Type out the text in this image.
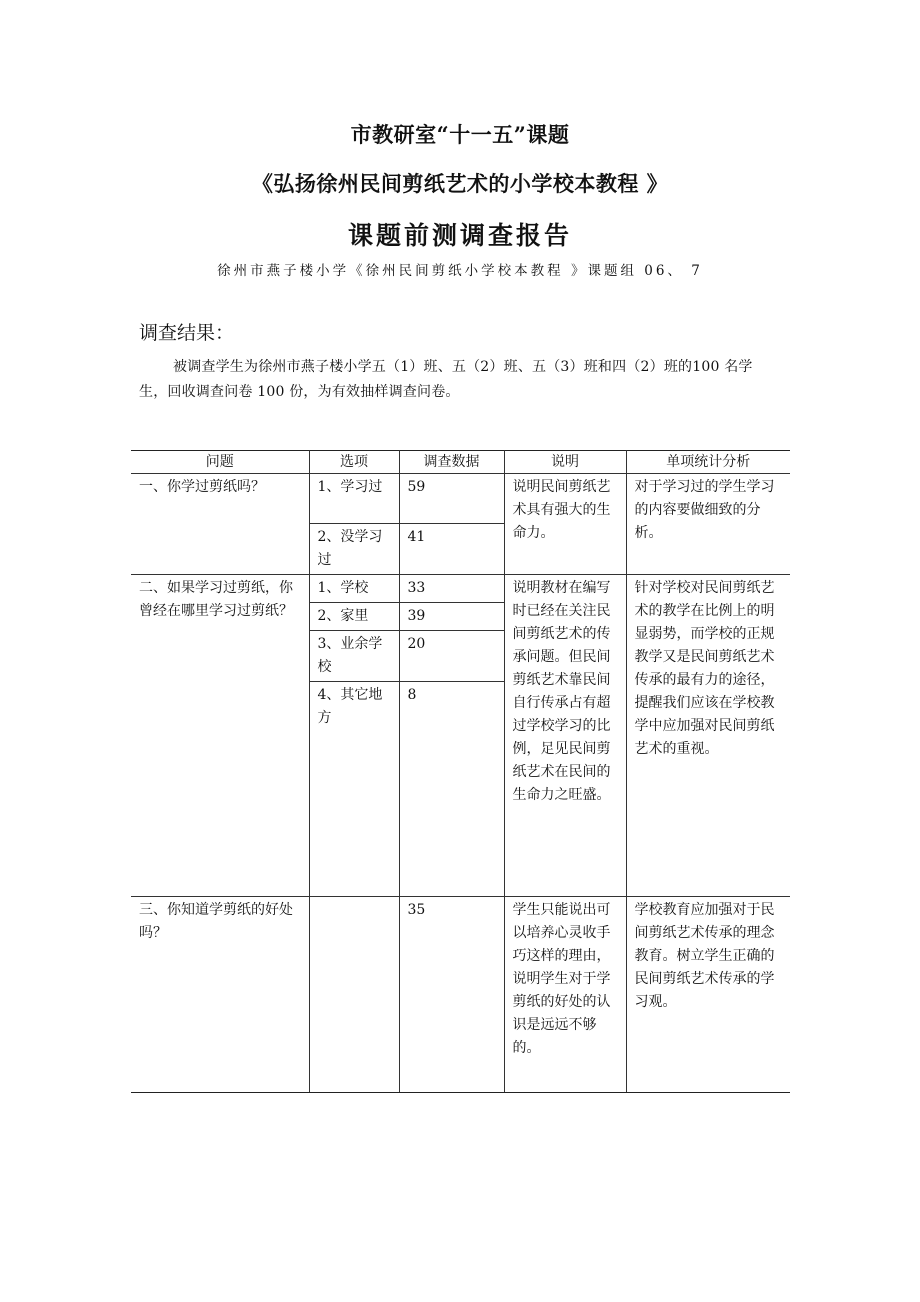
市教研室“十一五”课题
《弘扬徐州民间剪纸艺术的小学校本教程 》
课题前测调查报告
徐州市燕子楼小学《徐州民间剪纸小学校本教程 》课题组 06、 7
调查结果：
被调查学生为徐州市燕子楼小学五（1）班、五（2）班、五（3）班和四（2）班的100 名学生，回收调查问卷 100 份，为有效抽样调查问卷。
问题	选项	调查数据	说明	单项统计分析
一、你学过剪纸吗？	1、学习过	59	说明民间剪纸艺术具有强大的生命力。	对于学习过的学生学习的内容要做细致的分析。
	2、没学习过	41		
二、如果学习过剪纸，你曾经在哪里学习过剪纸？	1、学校	33	说明教材在编写时已经在关注民间剪纸艺术的传承问题。但民间剪纸艺术靠民间自行传承占有超过学校学习的比例，足见民间剪纸艺术在民间的生命力之旺盛。	针对学校对民间剪纸艺术的教学在比例上的明显弱势，而学校的正规教学又是民间剪纸艺术传承的最有力的途径，提醒我们应该在学校教学中应加强对民间剪纸艺术的重视。
	2、家里	39		
	3、业余学校	20		
	4、其它地方	8		
三、你知道学剪纸的好处吗？		35	学生只能说出可以培养心灵收手巧这样的理由，说明学生对于学剪纸的好处的认识是远远不够的。	学校教育应加强对于民间剪纸艺术传承的理念教育。树立学生正确的民间剪纸艺术传承的学习观。
